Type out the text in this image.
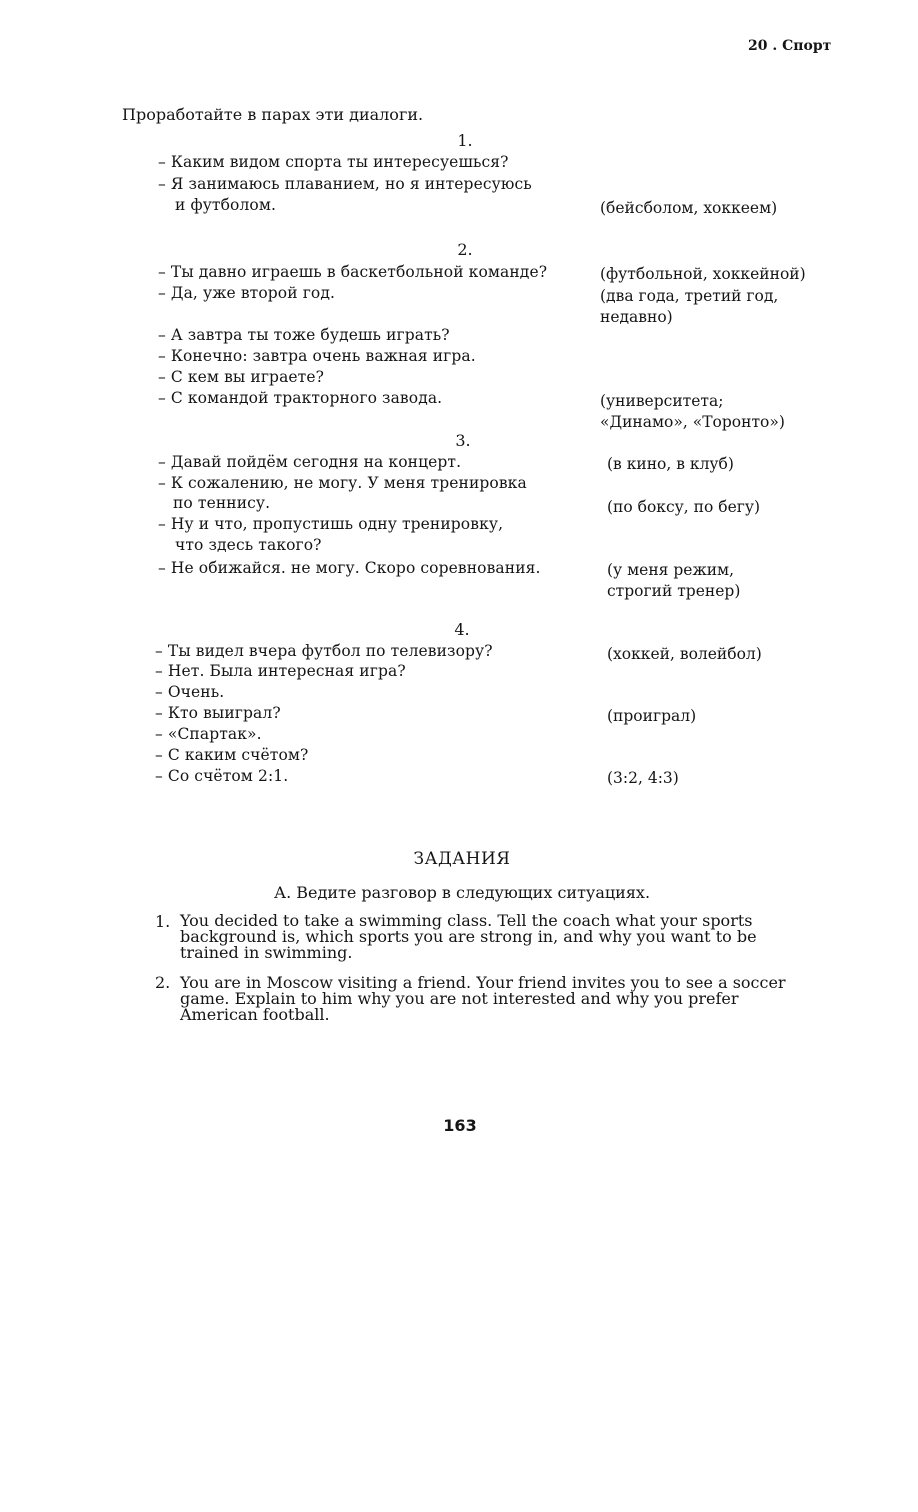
20 . Спорт
Проработайте в парах эти диалоги.
1.
– Каким видом спорта ты интересуешься?
– Я занимаюсь плаванием, но я интересуюсь
и футболом.	(бейсболом, хоккеем)
2.
– Ты давно играешь в баскетбольной команде?
– Да, уже второй год.
– А завтра ты тоже будешь играть?
– Конечно: завтра очень важная игра.
– С кем вы играете?
– С командой тракторного завода.
(футбольной, хоккейной)
(два года, третий год,
недавно)
(университета;
«Динамо», «Торонто»)
3.
– Давай пойдём сегодня на концерт.
– К сожалению, не могу. У меня тренировка
по теннису.
– Ну и что, пропустишь одну тренировку,
что здесь такого?
– Не обижайся. не могу. Скоро соревнования.
(в кино, в клуб)
(по боксу, по бегу)
(у меня режим,
строгий тренер)
4.
– Ты видел вчера футбол по телевизору?
– Нет. Была интересная игра?
– Очень.
– Кто выиграл?
– «Спартак».
– С каким счётом?
– Со счётом 2:1.
(хоккей, волейбол)
(проиграл)
(3:2, 4:3)
ЗАДАНИЯ
А. Ведите разговор в следующих ситуациях.
1. You decided to take a swimming class. Tell the coach what your sports background is, which sports you are strong in, and why you want to be trained in swimming.
2. You are in Moscow visiting a friend. Your friend invites you to see a soccer game. Explain to him why you are not interested and why you prefer American football.
163
